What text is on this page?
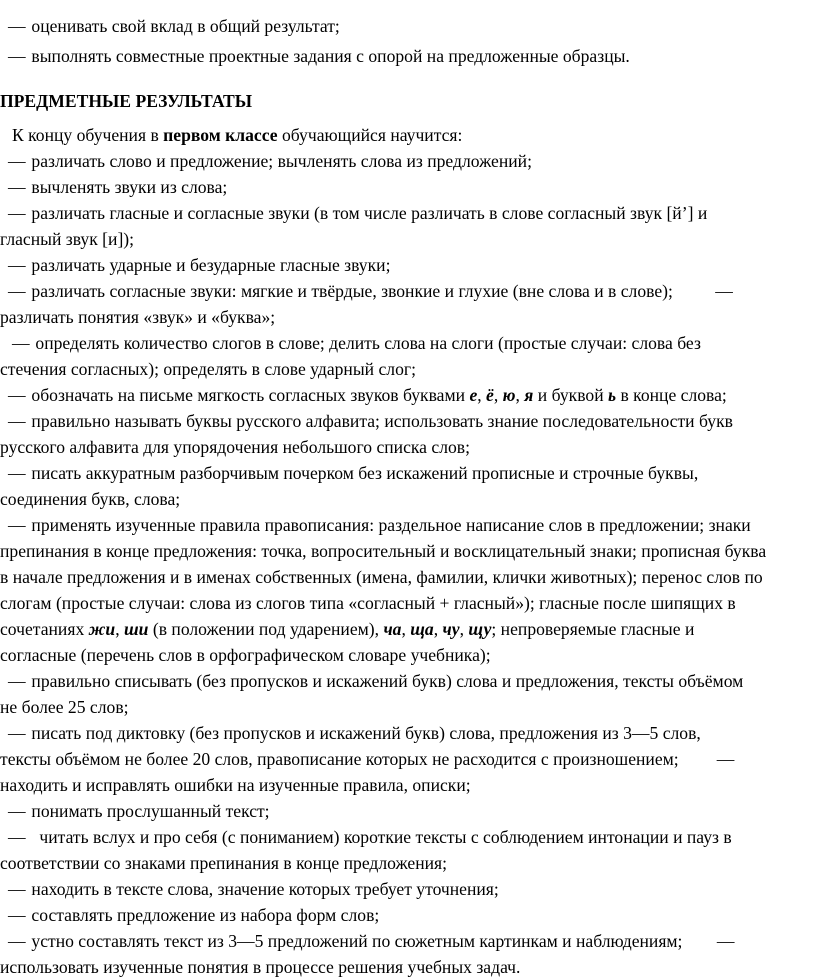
— оценивать свой вклад в общий результат;
— выполнять совместные проектные задания с опорой на предложенные образцы.
ПРЕДМЕТНЫЕ РЕЗУЛЬТАТЫ
К концу обучения в первом классе обучающийся научится:
— различать слово и предложение; вычленять слова из предложений;
— вычленять звуки из слова;
— различать гласные и согласные звуки (в том числе различать в слове согласный звук [й’] и
гласный звук [и]);
— различать ударные и безударные гласные звуки;
— различать согласные звуки: мягкие и твёрдые, звонкие и глухие (вне слова и в слове); —
различать понятия «звук» и «буква»;
— определять количество слогов в слове; делить слова на слоги (простые случаи: слова без
стечения согласных); определять в слове ударный слог;
— обозначать на письме мягкость согласных звуков буквами е, ё, ю, я и буквой ь в конце слова;
— правильно называть буквы русского алфавита; использовать знание последовательности букв
русского алфавита для упорядочения небольшого списка слов;
— писать аккуратным разборчивым почерком без искажений прописные и строчные буквы,
соединения букв, слова;
— применять изученные правила правописания: раздельное написание слов в предложении; знаки
препинания в конце предложения: точка, вопросительный и восклицательный знаки; прописная буква
в начале предложения и в именах собственных (имена, фамилии, клички животных); перенос слов по
слогам (простые случаи: слова из слогов типа «согласный + гласный»); гласные после шипящих в
сочетаниях жи, ши (в положении под ударением), ча, ща, чу, щу; непроверяемые гласные и
согласные (перечень слов в орфографическом словаре учебника);
— правильно списывать (без пропусков и искажений букв) слова и предложения, тексты объёмом
не более 25 слов;
— писать под диктовку (без пропусков и искажений букв) слова, предложения из 3—5 слов,
тексты объёмом не более 20 слов, правописание которых не расходится с произношением; —
находить и исправлять ошибки на изученные правила, описки;
— понимать прослушанный текст;
— читать вслух и про себя (с пониманием) короткие тексты с соблюдением интонации и пауз в
соответствии со знаками препинания в конце предложения;
— находить в тексте слова, значение которых требует уточнения;
— составлять предложение из набора форм слов;
— устно составлять текст из 3—5 предложений по сюжетным картинкам и наблюдениям; —
использовать изученные понятия в процессе решения учебных задач.
